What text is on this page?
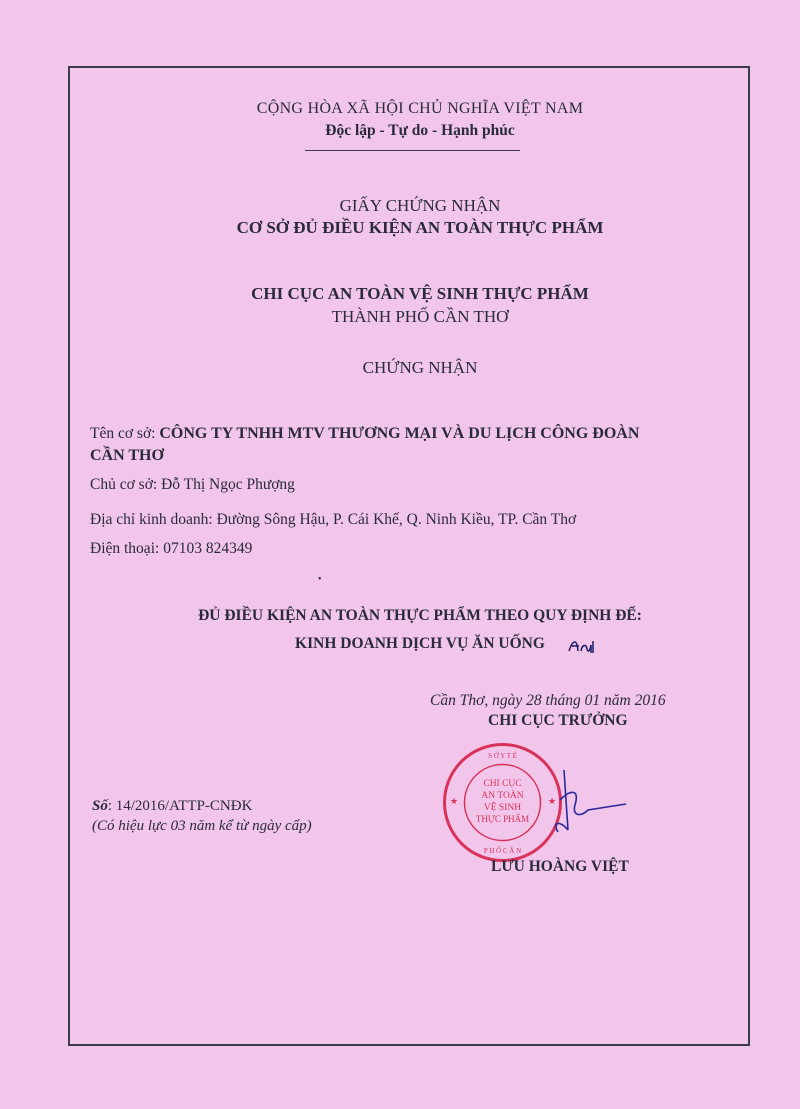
CỘNG HÒA XÃ HỘI CHỦ NGHĨA VIỆT NAM
Độc lập - Tự do - Hạnh phúc
GIẤY CHỨNG NHẬN
CƠ SỞ ĐỦ ĐIỀU KIỆN AN TOÀN THỰC PHẨM
CHI CỤC AN TOÀN VỆ SINH THỰC PHẨM
THÀNH PHỐ CẦN THƠ
CHỨNG NHẬN
Tên cơ sở: CÔNG TY TNHH MTV THƯƠNG MẠI VÀ DU LỊCH CÔNG ĐOÀN
CẦN THƠ
Chủ cơ sở: Đỗ Thị Ngọc Phượng
Địa chỉ kinh doanh: Đường Sông Hậu, P. Cái Khế, Q. Ninh Kiều, TP. Cần Thơ
Điện thoại: 07103 824349
•
ĐỦ ĐIỀU KIỆN AN TOÀN THỰC PHẨM THEO QUY ĐỊNH ĐỂ:
KINH DOANH DỊCH VỤ ĂN UỐNG
Cần Thơ, ngày 28 tháng 01 năm 2016
CHI CỤC TRƯỞNG
S Ở Y T Ế
P H Ố C Ầ N
CHI CỤC
AN TOÀN
VỆ SINH
THỰC PHẨM
★	★
LƯU HOÀNG VIỆT
Số: 14/2016/ATTP-CNĐK
(Có hiệu lực 03 năm kể từ ngày cấp)
